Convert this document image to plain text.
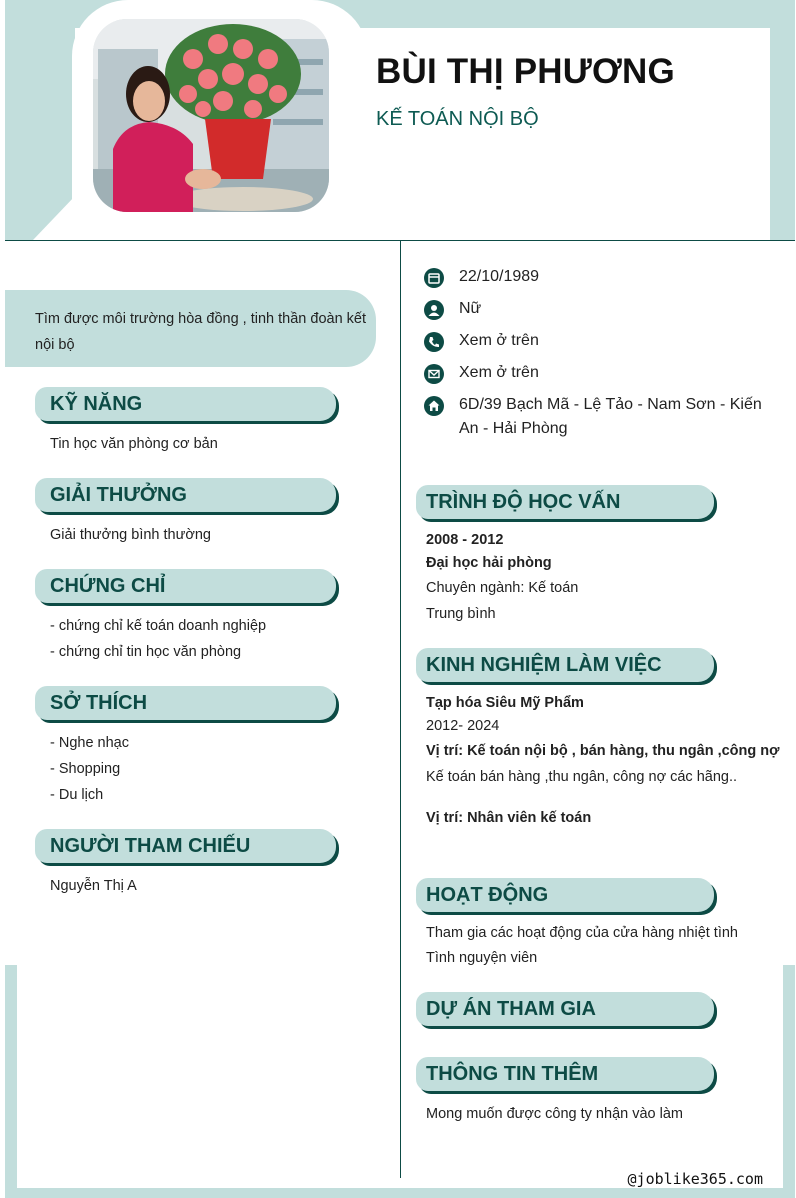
BÙI THỊ PHƯƠNG
KẾ TOÁN NỘI BỘ
Tìm được môi trường hòa đồng , tinh thần đoàn kết nội bộ
KỸ NĂNG
Tin học văn phòng cơ bản
GIẢI THƯỞNG
Giải thưởng bình thường
CHỨNG CHỈ
- chứng chỉ kế toán doanh nghiệp
- chứng chỉ tin học văn phòng
SỞ THÍCH
- Nghe nhạc
- Shopping
- Du lịch
NGƯỜI THAM CHIẾU
Nguyễn Thị A
22/10/1989
Nữ
Xem ở trên
Xem ở trên
6D/39 Bạch Mã - Lệ Tảo - Nam Sơn - Kiến
An - Hải Phòng
TRÌNH ĐỘ HỌC VẤN
2008 - 2012
Đại học hải phòng
Chuyên ngành: Kế toán
Trung bình
KINH NGHIỆM LÀM VIỆC
Tạp hóa Siêu Mỹ Phẩm
2012- 2024
Vị trí: Kế toán nội bộ , bán hàng, thu ngân ,công nợ
Kế toán bán hàng ,thu ngân, công nợ các hãng..
Vị trí: Nhân viên kế toán
HOẠT ĐỘNG
Tham gia các hoạt động của cửa hàng nhiệt tình
Tình nguyện viên
DỰ ÁN THAM GIA
THÔNG TIN THÊM
Mong muốn được công ty nhận vào làm
@joblike365.com
